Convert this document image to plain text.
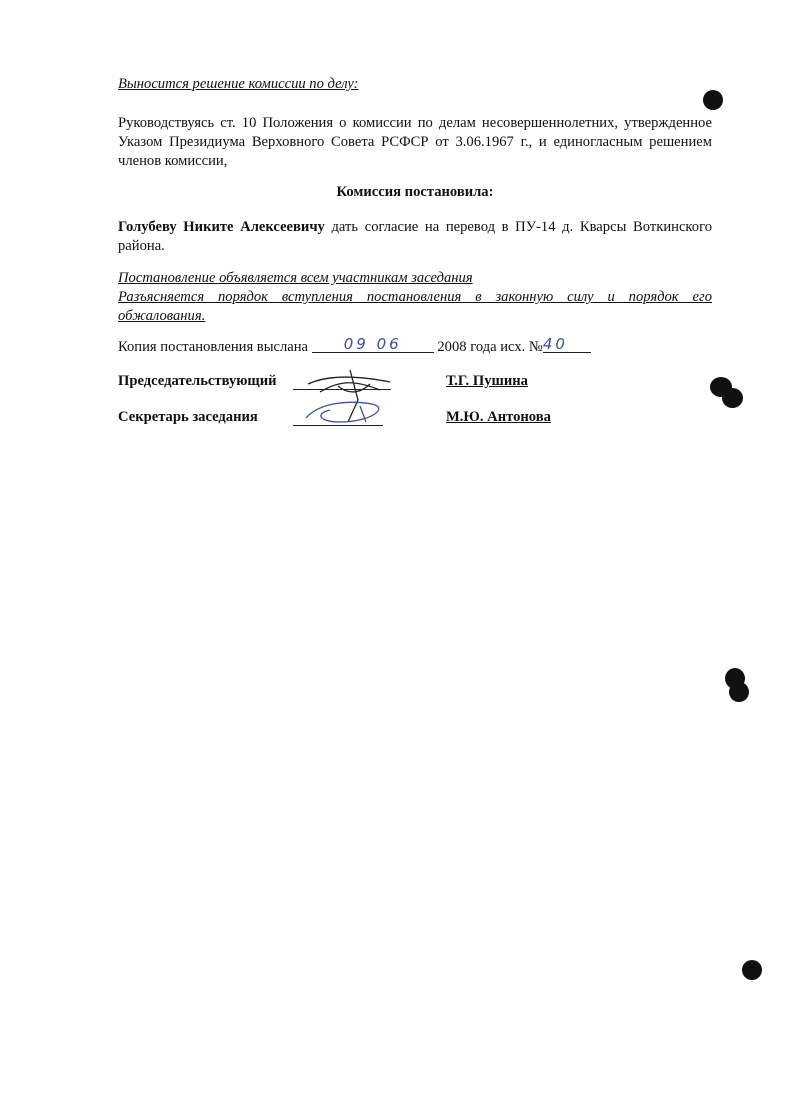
Выносится решение комиссии по делу:
Руководствуясь ст. 10 Положения о комиссии по делам несовершеннолетних, утвержденное Указом Президиума Верховного Совета РСФСР от 3.06.1967 г., и единогласным решением членов комиссии,
Комиссия постановила:
Голубеву Никите Алексеевичу дать согласие на перевод в ПУ-14 д. Кварсы Воткинского района.
Постановление объявляется всем участникам заседания
Разъясняется порядок вступления постановления в законную силу и порядок его
обжалования.
Копия постановления выслана 09 06 2008 года исх. №40
Председательствующий	Т.Г. Пушина
Секретарь заседания	М.Ю. Антонова
